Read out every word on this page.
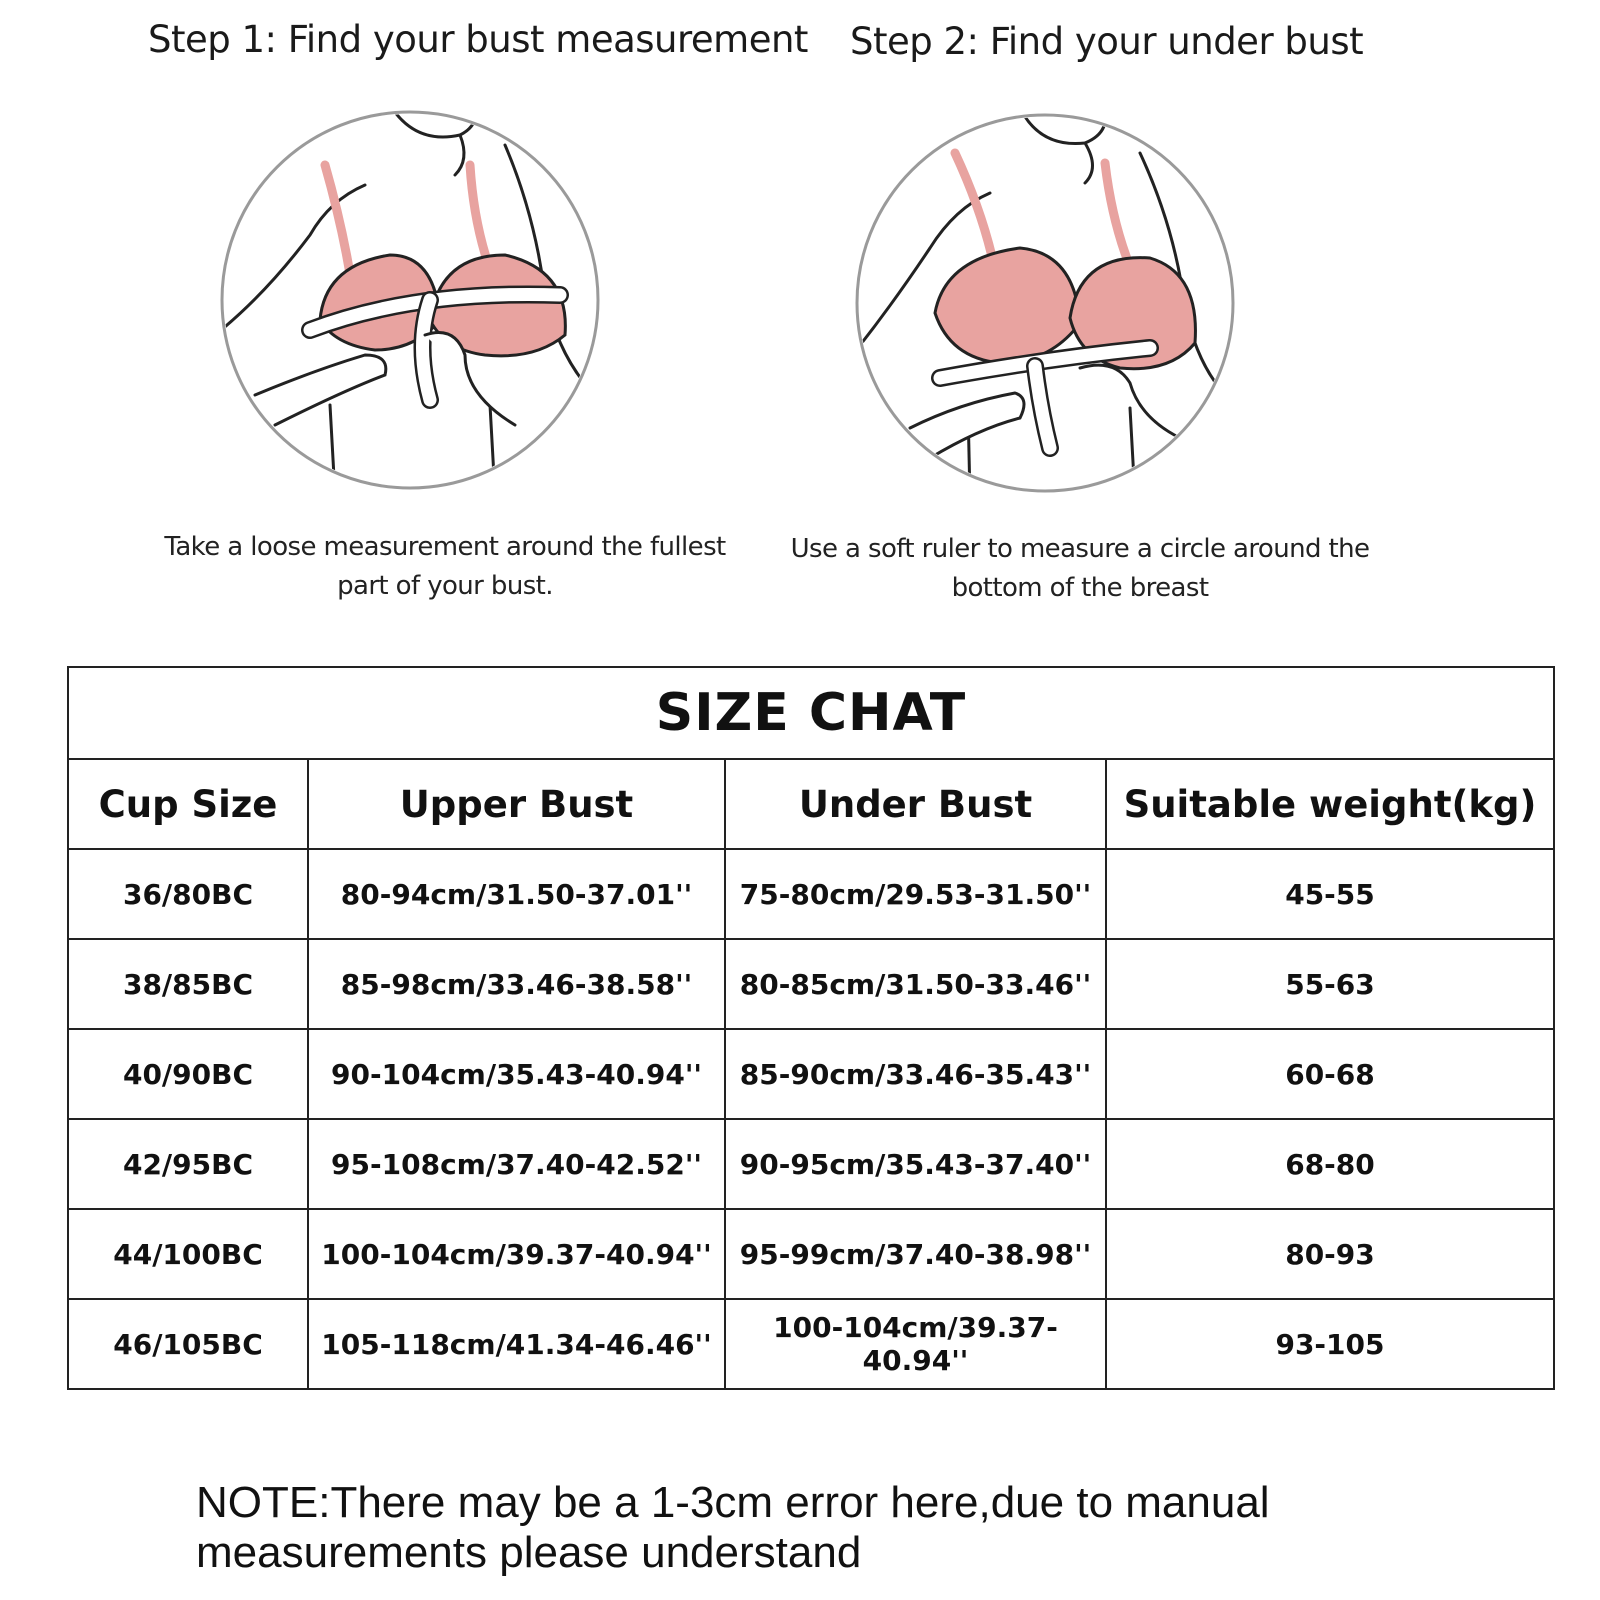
Step 1: Find your bust measurement Step 2: Find your under bust
Take a loose measurement around the fullest
part of your bust.
Use a soft ruler to measure a circle around the
bottom of the breast
SIZE CHAT			
Cup Size	Upper Bust	Under Bust	Suitable weight(kg)
36/80BC	80-94cm/31.50-37.01''	75-80cm/29.53-31.50''	45-55
38/85BC	85-98cm/33.46-38.58''	80-85cm/31.50-33.46''	55-63
40/90BC	90-104cm/35.43-40.94''	85-90cm/33.46-35.43''	60-68
42/95BC	95-108cm/37.40-42.52''	90-95cm/35.43-37.40''	68-80
44/100BC	100-104cm/39.37-40.94''	95-99cm/37.40-38.98''	80-93
46/105BC	105-118cm/41.34-46.46''	100-104cm/39.37-40.94''	93-105
NOTE:There may be a 1-3cm error here,due to manual
measurements please understand
